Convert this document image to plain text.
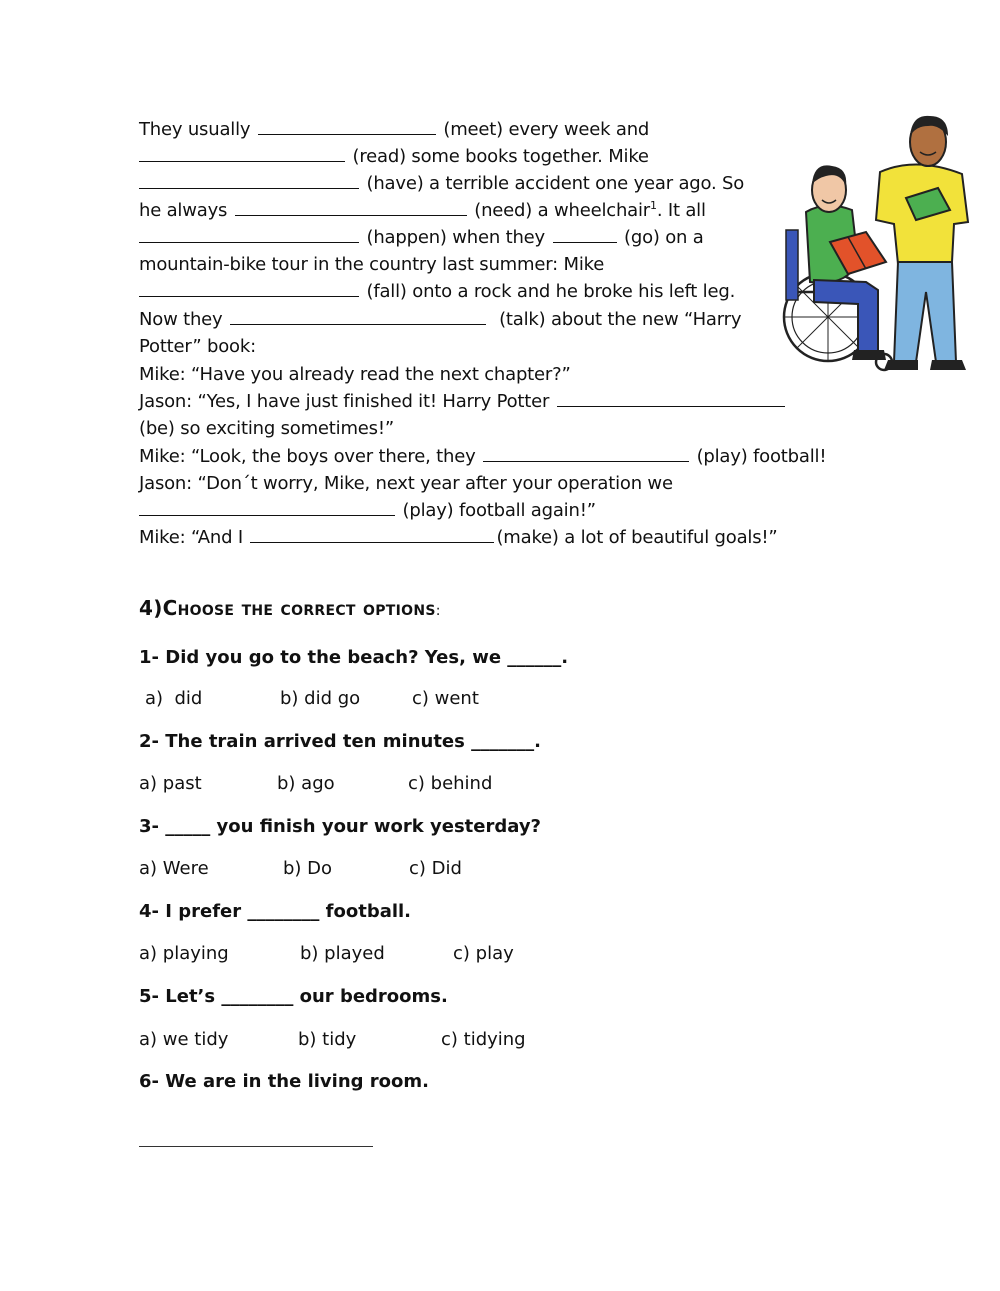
They usually	(meet) every week and
(read) some books together. Mike
(have) a terrible accident one year ago. So
he always	(need) a wheelchair$^1$. It all
(happen) when they	(go) on a
mountain-bike tour in the country last summer: Mike
(fall) onto a rock and he broke his left leg.
Now they	(talk) about the new “Harry
Potter” book:
Mike: “Have you already read the next chapter?”
Jason: “Yes, I have just finished it! Harry Potter
(be) so exciting sometimes!”
Mike: “Look, the boys over there, they	(play) football!
Jason: “Don´t worry, Mike, next year after your operation we
(play) football again!”
Mike: “And I	(make) a lot of beautiful goals!”
4)Choose the correct options:
1- Did you go to the beach? Yes, we ______.

a)  did

	b) did go

	c) went

2- The train arrived ten minutes _______.

a) past

	b) ago

	c) behind

3- _____ you finish your work yesterday?

a) Were

	b) Do

	c) Did

4- I prefer ________ football.

a) playing

	b) played

	c) play

5- Let’s ________ our bedrooms.

a) we tidy

	b) tidy

	c) tidying

6- We are in the living room.
